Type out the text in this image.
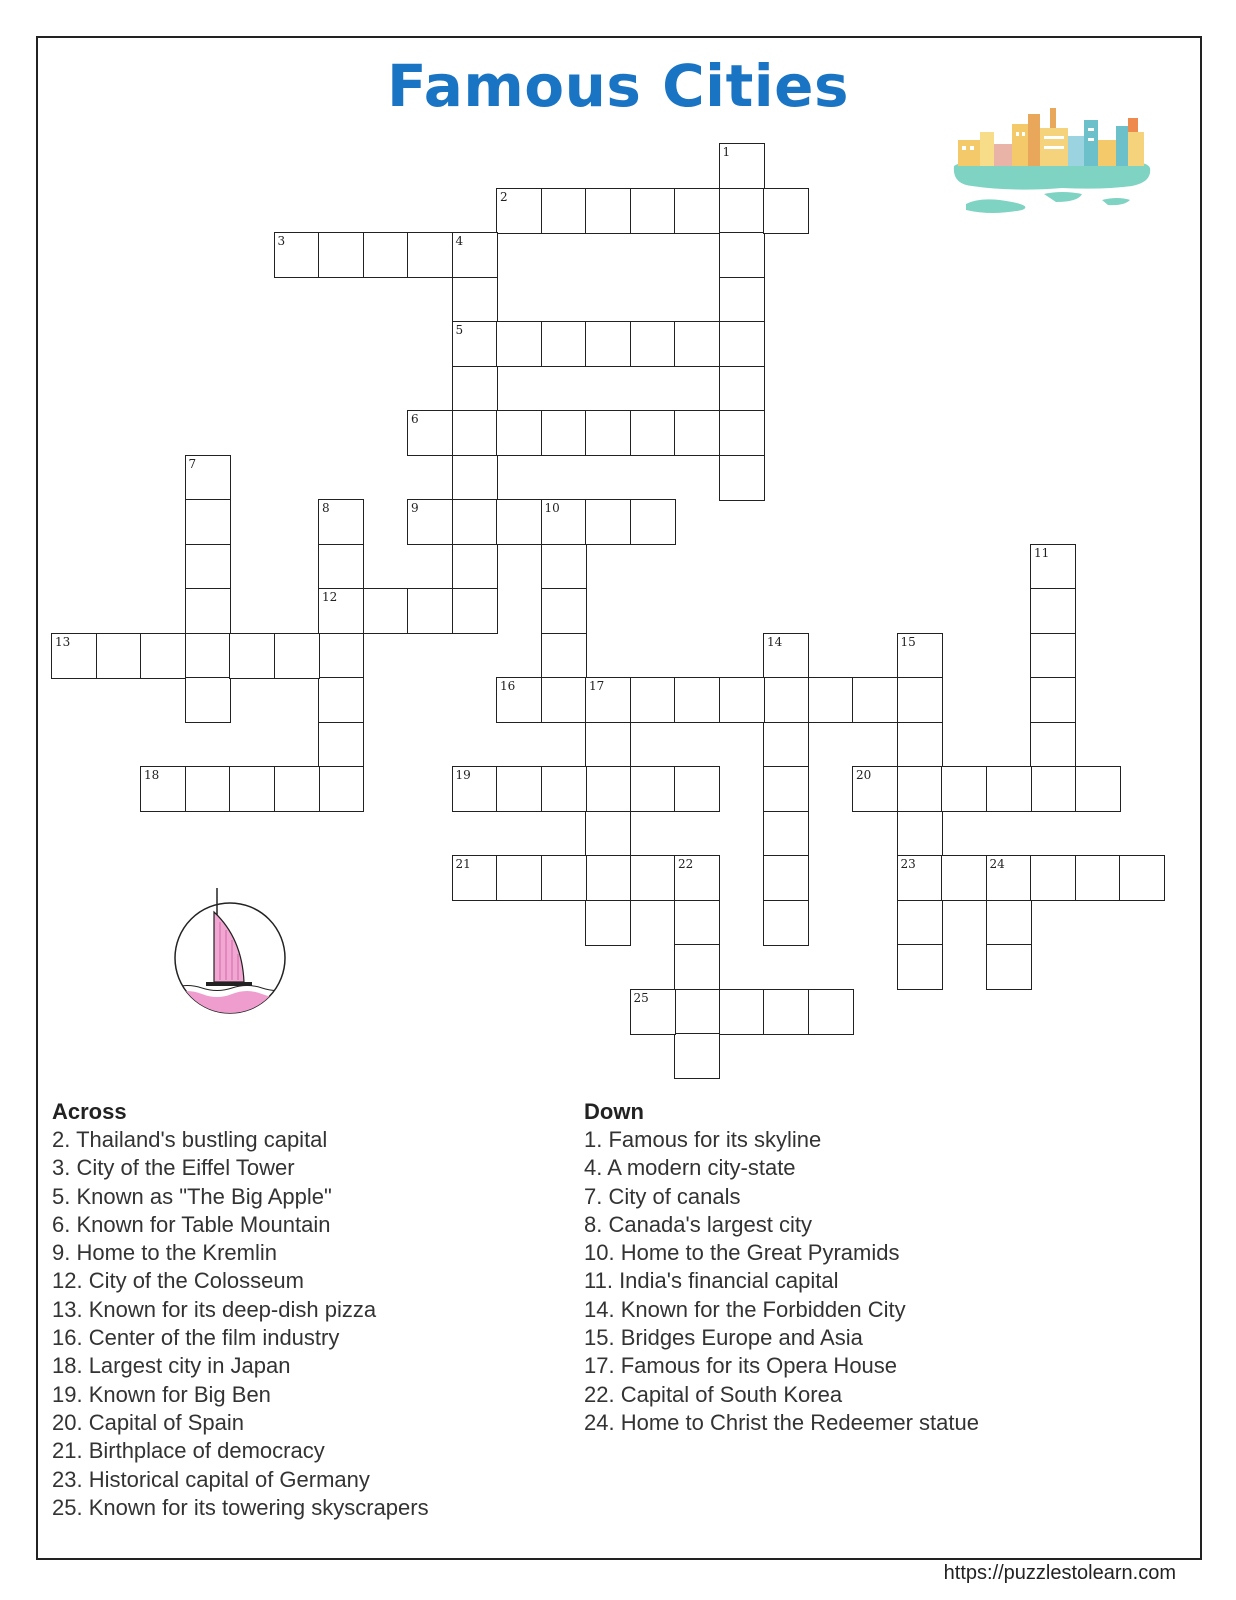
Famous Cities
1
2
3	4
5
6
7
8
12
9	10
11
13	14	15
23
16	17
18	19	20
21	22	24
25
Across

2. Thailand's bustling capital

3. City of the Eiffel Tower

5. Known as "The Big Apple"

6. Known for Table Mountain

9. Home to the Kremlin

12. City of the Colosseum

13. Known for its deep-dish pizza

16. Center of the film industry

18. Largest city in Japan

19. Known for Big Ben

20. Capital of Spain

21. Birthplace of democracy

23. Historical capital of Germany

25. Known for its towering skyscrapers

Down

1. Famous for its skyline

4. A modern city-state

7. City of canals

8. Canada's largest city

10. Home to the Great Pyramids

11. India's financial capital

14. Known for the Forbidden City

15. Bridges Europe and Asia

17. Famous for its Opera House

22. Capital of South Korea

24. Home to Christ the Redeemer statue

https://puzzlestolearn.com
